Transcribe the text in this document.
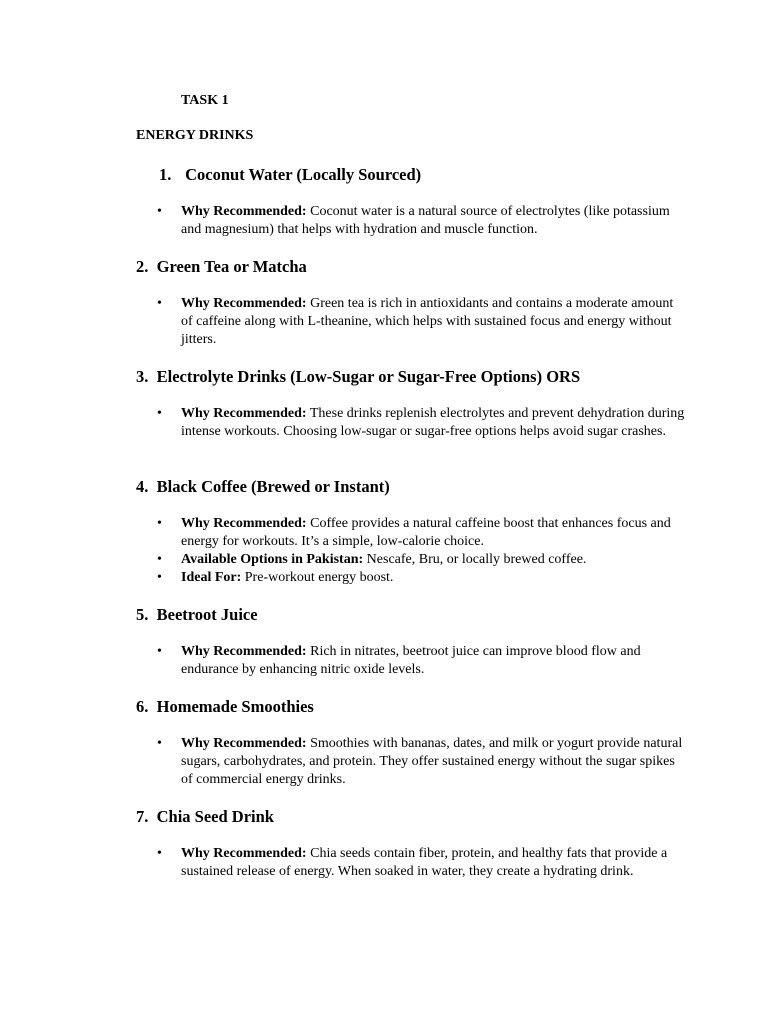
TASK 1
ENERGY DRINKS
1. Coconut Water (Locally Sourced)
• Why Recommended: Coconut water is a natural source of electrolytes (like potassium and magnesium) that helps with hydration and muscle function.
2.  Green Tea or Matcha
• Why Recommended: Green tea is rich in antioxidants and contains a moderate amount of caffeine along with L-theanine, which helps with sustained focus and energy without jitters.
3.  Electrolyte Drinks (Low-Sugar or Sugar-Free Options) ORS
• Why Recommended: These drinks replenish electrolytes and prevent dehydration during intense workouts. Choosing low-sugar or sugar-free options helps avoid sugar crashes.
4.  Black Coffee (Brewed or Instant)
• Why Recommended: Coffee provides a natural caffeine boost that enhances focus and energy for workouts. It’s a simple, low-calorie choice.
• Available Options in Pakistan: Nescafe, Bru, or locally brewed coffee.
• Ideal For: Pre-workout energy boost.
5.  Beetroot Juice
• Why Recommended: Rich in nitrates, beetroot juice can improve blood flow and endurance by enhancing nitric oxide levels.
6.  Homemade Smoothies
• Why Recommended: Smoothies with bananas, dates, and milk or yogurt provide natural sugars, carbohydrates, and protein. They offer sustained energy without the sugar spikes of commercial energy drinks.
7.  Chia Seed Drink
• Why Recommended: Chia seeds contain fiber, protein, and healthy fats that provide a sustained release of energy. When soaked in water, they create a hydrating drink.
